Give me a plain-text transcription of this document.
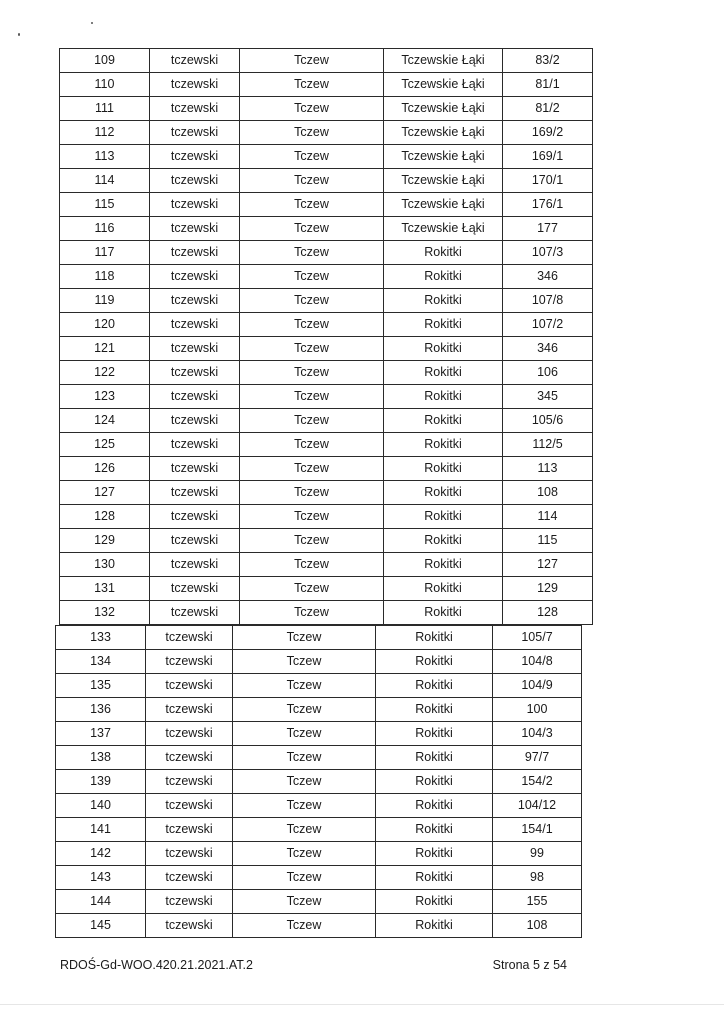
109	tczewski	Tczew	Tczewskie Łąki	83/2
110	tczewski	Tczew	Tczewskie Łąki	81/1
111	tczewski	Tczew	Tczewskie Łąki	81/2
112	tczewski	Tczew	Tczewskie Łąki	169/2
113	tczewski	Tczew	Tczewskie Łąki	169/1
114	tczewski	Tczew	Tczewskie Łąki	170/1
115	tczewski	Tczew	Tczewskie Łąki	176/1
116	tczewski	Tczew	Tczewskie Łąki	177
117	tczewski	Tczew	Rokitki	107/3
118	tczewski	Tczew	Rokitki	346
119	tczewski	Tczew	Rokitki	107/8
120	tczewski	Tczew	Rokitki	107/2
121	tczewski	Tczew	Rokitki	346
122	tczewski	Tczew	Rokitki	106
123	tczewski	Tczew	Rokitki	345
124	tczewski	Tczew	Rokitki	105/6
125	tczewski	Tczew	Rokitki	112/5
126	tczewski	Tczew	Rokitki	113
127	tczewski	Tczew	Rokitki	108
128	tczewski	Tczew	Rokitki	114
129	tczewski	Tczew	Rokitki	115
130	tczewski	Tczew	Rokitki	127
131	tczewski	Tczew	Rokitki	129
132	tczewski	Tczew	Rokitki	128
133	tczewski	Tczew	Rokitki	105/7
134	tczewski	Tczew	Rokitki	104/8
135	tczewski	Tczew	Rokitki	104/9
136	tczewski	Tczew	Rokitki	100
137	tczewski	Tczew	Rokitki	104/3
138	tczewski	Tczew	Rokitki	97/7
139	tczewski	Tczew	Rokitki	154/2
140	tczewski	Tczew	Rokitki	104/12
141	tczewski	Tczew	Rokitki	154/1
142	tczewski	Tczew	Rokitki	99
143	tczewski	Tczew	Rokitki	98
144	tczewski	Tczew	Rokitki	155
145	tczewski	Tczew	Rokitki	108
RDOŚ-Gd-WOO.420.21.2021.AT.2	Strona 5 z 54
